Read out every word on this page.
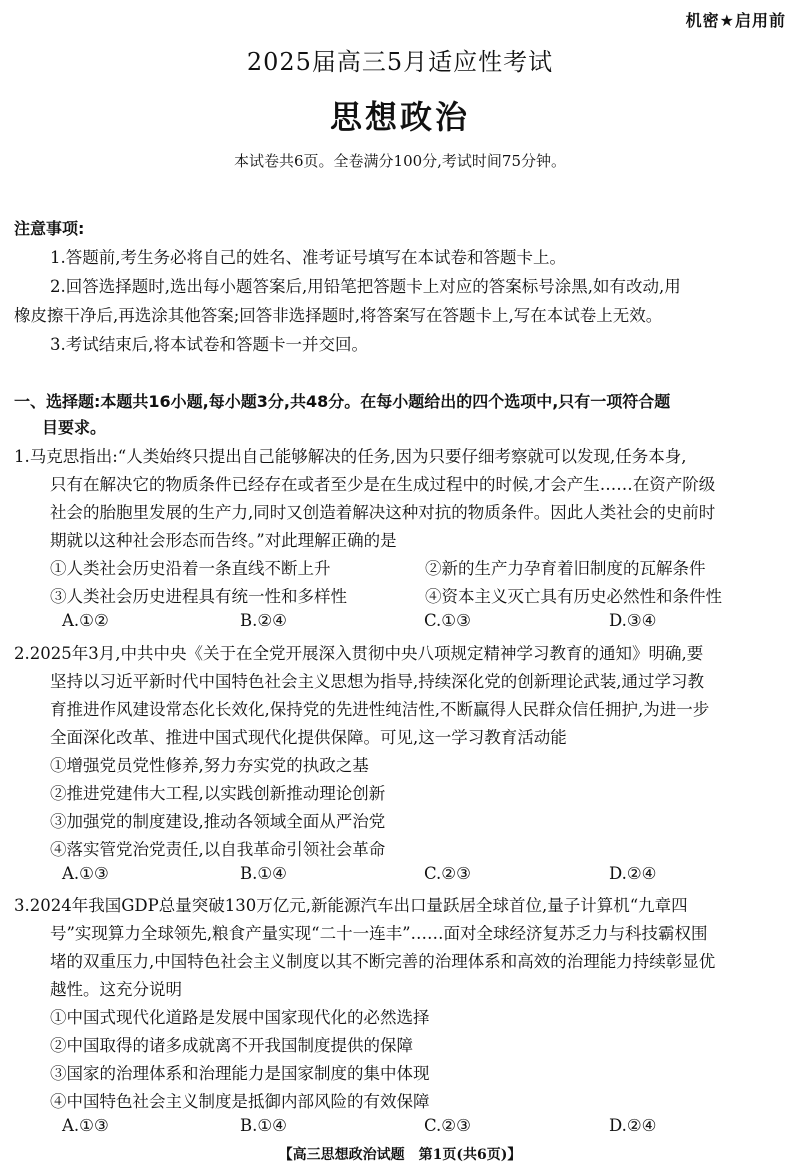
机密★启用前
2025届高三5月适应性考试
思想政治
本试卷共6页。全卷满分100分,考试时间75分钟。
注意事项:
1.答题前,考生务必将自己的姓名、准考证号填写在本试卷和答题卡上。
2.回答选择题时,选出每小题答案后,用铅笔把答题卡上对应的答案标号涂黑,如有改动,用
橡皮擦干净后,再选涂其他答案;回答非选择题时,将答案写在答题卡上,写在本试卷上无效。
3.考试结束后,将本试卷和答题卡一并交回。
一、选择题:本题共16小题,每小题3分,共48分。在每小题给出的四个选项中,只有一项符合题
目要求。
1.马克思指出:“人类始终只提出自己能够解决的任务,因为只要仔细考察就可以发现,任务本身,
只有在解决它的物质条件已经存在或者至少是在生成过程中的时候,才会产生……在资产阶级
社会的胎胞里发展的生产力,同时又创造着解决这种对抗的物质条件。因此人类社会的史前时
期就以这种社会形态而告终。”对此理解正确的是
①人类社会历史沿着一条直线不断上升	②新的生产力孕育着旧制度的瓦解条件
③人类社会历史进程具有统一性和多样性	④资本主义灭亡具有历史必然性和条件性
A.①②	B.②④	C.①③	D.③④
2.2025年3月,中共中央《关于在全党开展深入贯彻中央八项规定精神学习教育的通知》明确,要
坚持以习近平新时代中国特色社会主义思想为指导,持续深化党的创新理论武装,通过学习教
育推进作风建设常态化长效化,保持党的先进性纯洁性,不断赢得人民群众信任拥护,为进一步
全面深化改革、推进中国式现代化提供保障。可见,这一学习教育活动能
①增强党员党性修养,努力夯实党的执政之基
②推进党建伟大工程,以实践创新推动理论创新
③加强党的制度建设,推动各领域全面从严治党
④落实管党治党责任,以自我革命引领社会革命
A.①③	B.①④	C.②③	D.②④
3.2024年我国GDP总量突破130万亿元,新能源汽车出口量跃居全球首位,量子计算机“九章四
号”实现算力全球领先,粮食产量实现“二十一连丰”……面对全球经济复苏乏力与科技霸权围
堵的双重压力,中国特色社会主义制度以其不断完善的治理体系和高效的治理能力持续彰显优
越性。这充分说明
①中国式现代化道路是发展中国家现代化的必然选择
②中国取得的诸多成就离不开我国制度提供的保障
③国家的治理体系和治理能力是国家制度的集中体现
④中国特色社会主义制度是抵御内部风险的有效保障
A.①③	B.①④	C.②③	D.②④
【高三思想政治试题　第1页(共6页)】
